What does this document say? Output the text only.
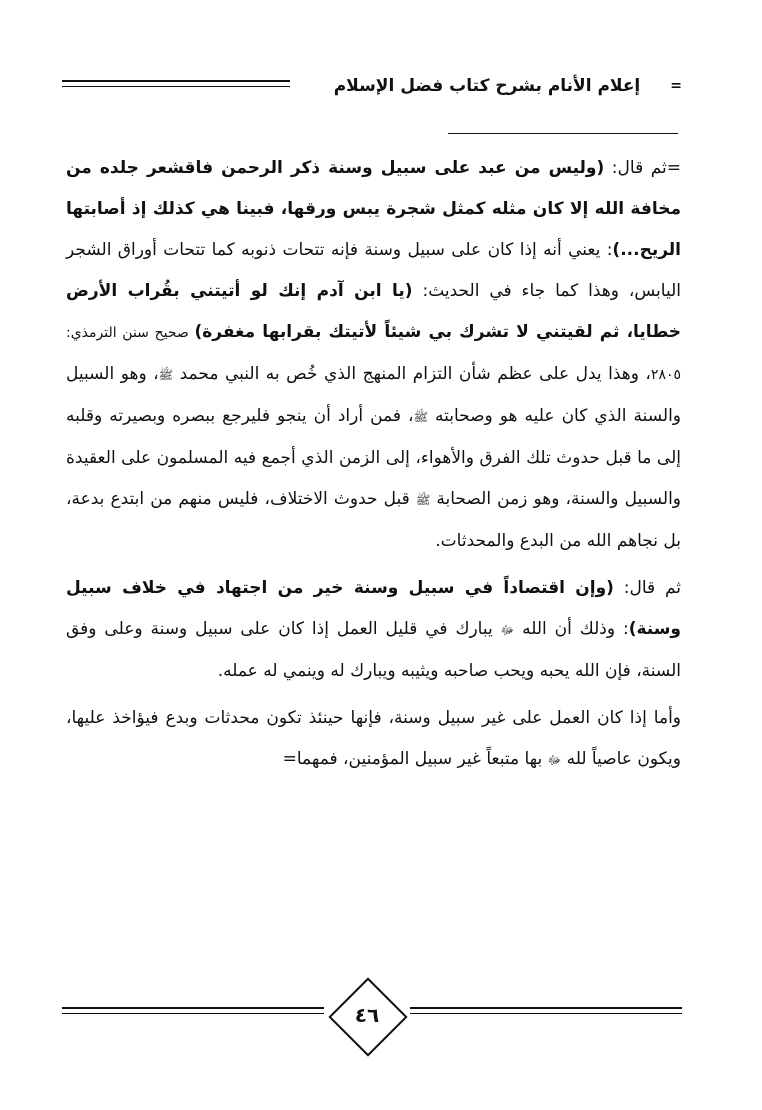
إعلام الأنام بشرح كتاب فضل الإسلام	=

=ثم قال: (وليس من عبد على سبيل وسنة ذكر الرحمن فاقشعر جلده من مخافة الله إلا كان مثله كمثل شجرة يبس ورقها، فبينا هي كذلك إذ أصابتها الريح...): يعني أنه إذا كان على سبيل وسنة فإنه تتحات ذنوبه كما تتحات أوراق الشجر اليابس، وهذا كما جاء في الحديث: (يا ابن آدم إنك لو أتيتني بقُراب الأرض خطايا، ثم لقيتني لا تشرك بي شيئاً لأتيتك بقرابها مغفرة) صحيح سنن الترمذي: ٢٨٠٥، وهذا يدل على عظم شأن التزام المنهج الذي خُص به النبي محمد ﷺ، وهو السبيل والسنة الذي كان عليه هو وصحابته ﷺ، فمن أراد أن ينجو فليرجع ببصره وبصيرته وقلبه إلى ما قبل حدوث تلك الفرق والأهواء، إلى الزمن الذي أجمع فيه المسلمون على العقيدة والسبيل والسنة، وهو زمن الصحابة ﷺ قبل حدوث الاختلاف، فليس منهم من ابتدع بدعة، بل نجاهم الله من البدع والمحدثات.

ثم قال: (وإن اقتصاداً في سبيل وسنة خير من اجتهاد في خلاف سبيل وسنة): وذلك أن الله ﷻ يبارك في قليل العمل إذا كان على سبيل وسنة وعلى وفق السنة، فإن الله يحبه ويحب صاحبه ويثيبه ويبارك له وينمي له عمله.

وأما إذا كان العمل على غير سبيل وسنة، فإنها حينئذ تكون محدثات وبدع فيؤاخذ عليها، ويكون عاصياً لله ﷻ بها متبعاً غير سبيل المؤمنين، فمهما=

٤٦
